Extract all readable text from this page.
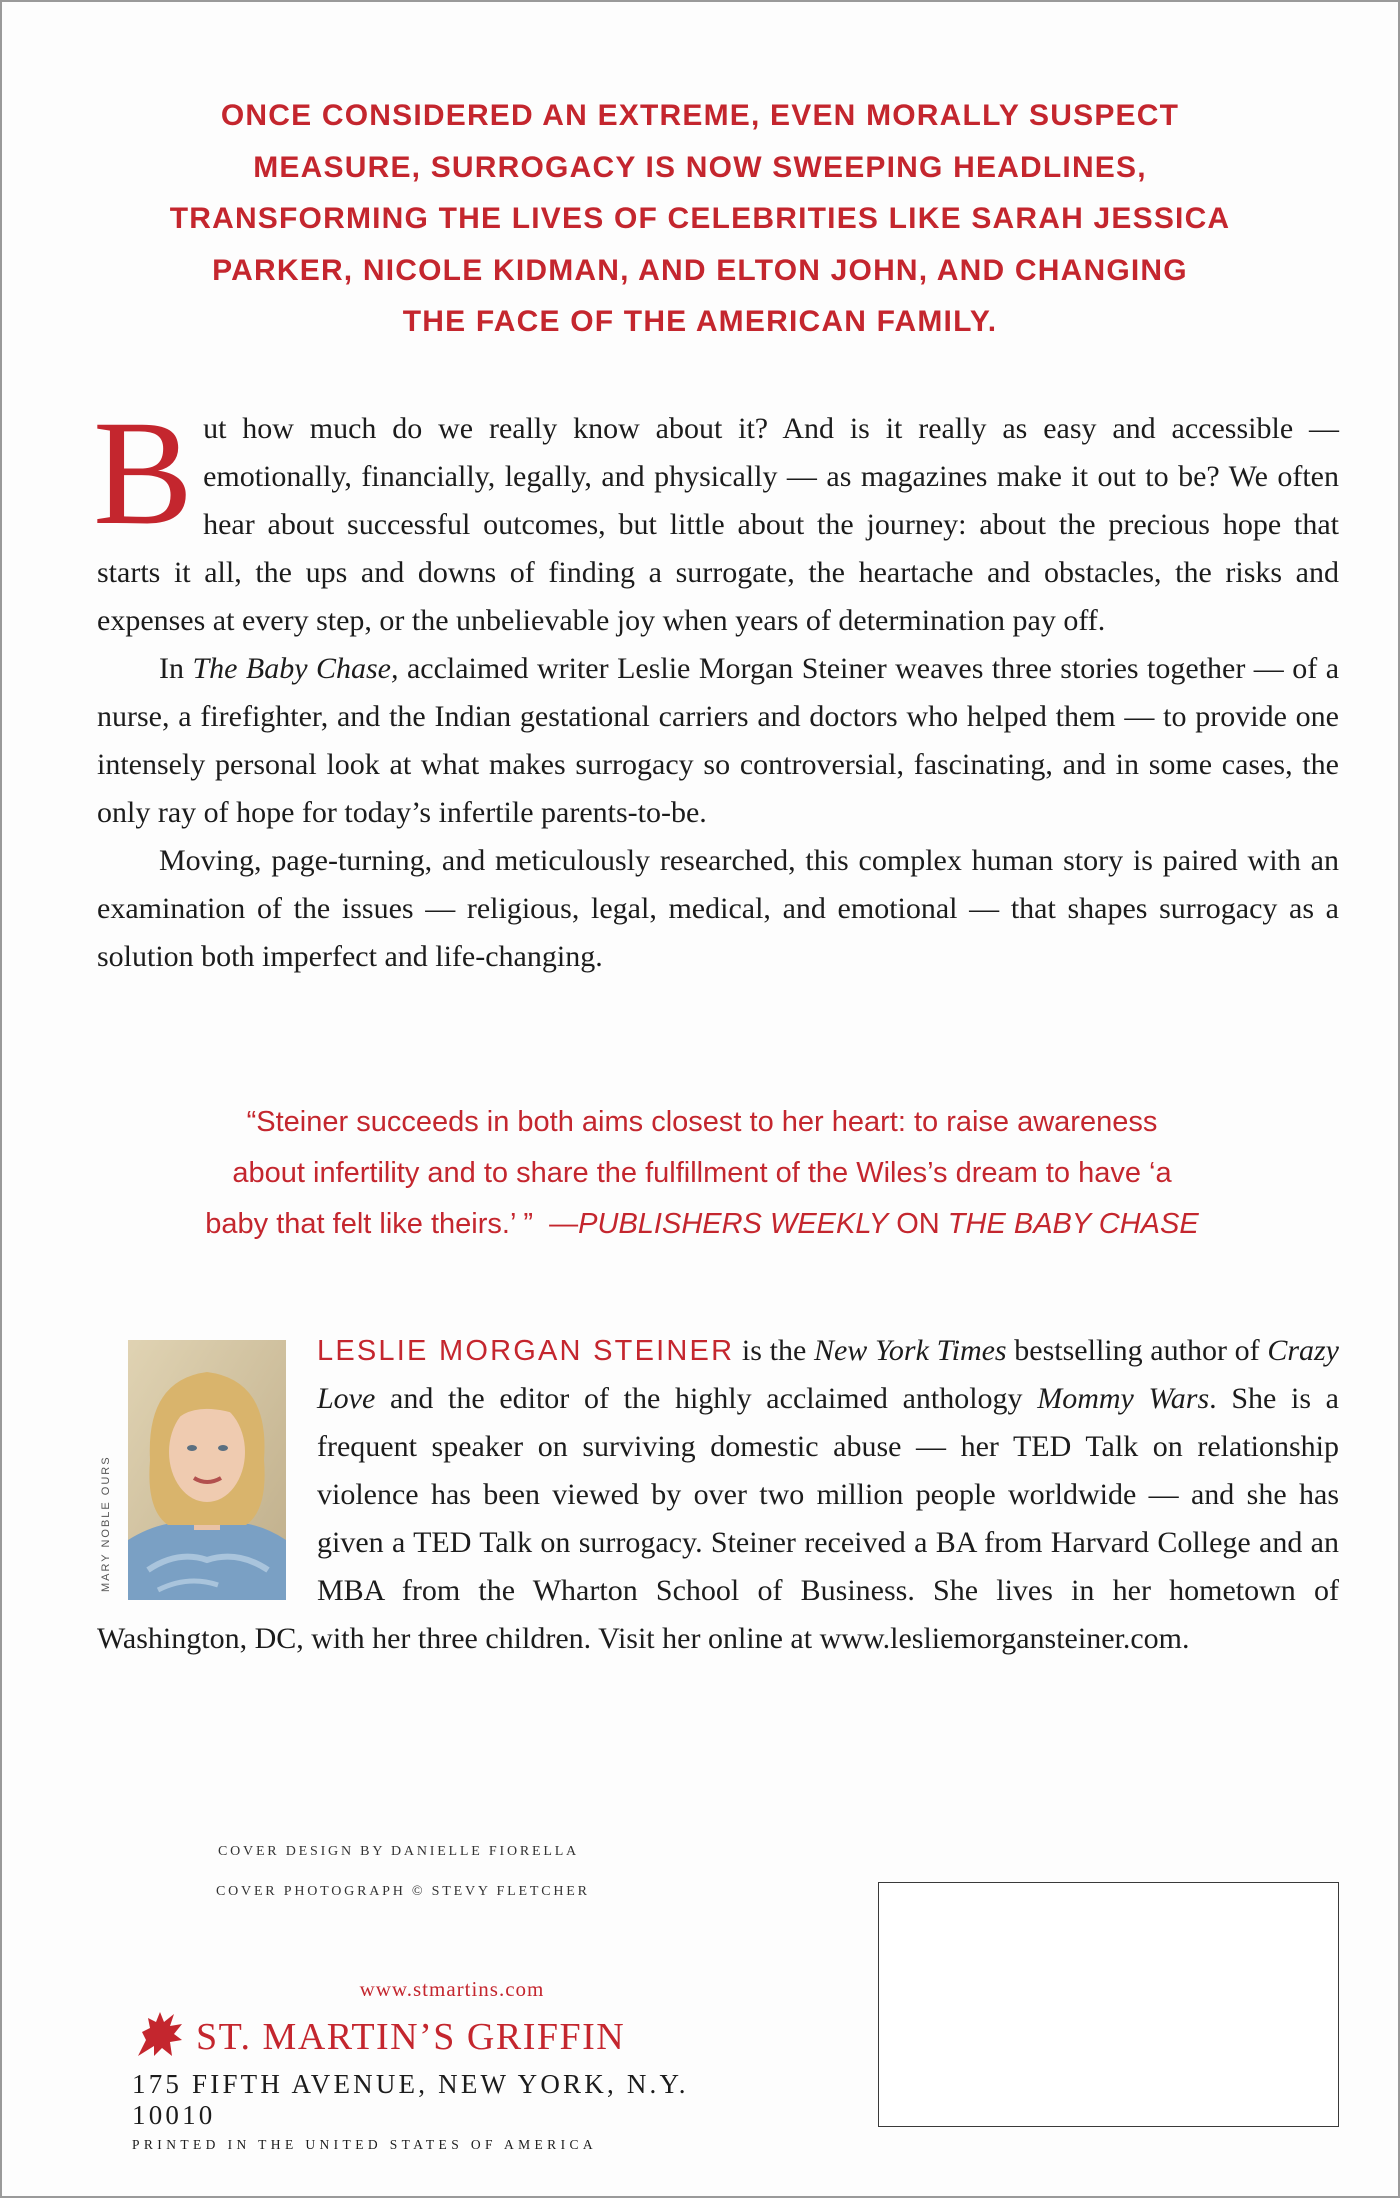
ONCE CONSIDERED AN EXTREME, EVEN MORALLY SUSPECT
MEASURE, SURROGACY IS NOW SWEEPING HEADLINES,
TRANSFORMING THE LIVES OF CELEBRITIES LIKE SARAH JESSICA
PARKER, NICOLE KIDMAN, AND ELTON JOHN, AND CHANGING
THE FACE OF THE AMERICAN FAMILY.

But how much do we really know about it? And is it really as easy and accessible — emotionally, financially, legally, and physically — as magazines make it out to be? We often hear about successful outcomes, but little about the journey: about the precious hope that starts it all, the ups and downs of finding a surrogate, the heartache and obstacles, the risks and expenses at every step, or the unbelievable joy when years of determination pay off.

In The Baby Chase, acclaimed writer Leslie Morgan Steiner weaves three stories together — of a nurse, a firefighter, and the Indian gestational carriers and doctors who helped them — to provide one intensely personal look at what makes surrogacy so controversial, fascinating, and in some cases, the only ray of hope for today’s infertile parents-to-be.

Moving, page-turning, and meticulously researched, this complex human story is paired with an examination of the issues — religious, legal, medical, and emotional — that shapes surrogacy as a solution both imperfect and life-changing.

“Steiner succeeds in both aims closest to her heart: to raise awareness
about infertility and to share the fulfillment of the Wiles’s dream to have ‘a
baby that felt like theirs.’ ” —PUBLISHERS WEEKLY ON THE BABY CHASE
MARY NOBLE OURS

LESLIE MORGAN STEINER is the New York Times bestselling author of Crazy Love and the editor of the highly acclaimed anthology Mommy Wars. She is a frequent speaker on surviving domestic abuse — her TED Talk on relationship violence has been viewed by over two million people worldwide — and she has given a TED Talk on surrogacy. Steiner received a BA from Harvard College and an MBA from the Wharton School of Business. She lives in her hometown of Washington, DC, with her three children. Visit her online at www.lesliemorgansteiner.com.

COVER DESIGN BY DANIELLE FIORELLA
COVER PHOTOGRAPH © STEVY FLETCHER
www.stmartins.com
ST. MARTIN’S GRIFFIN
175 FIFTH AVENUE, NEW YORK, N.Y. 10010
PRINTED IN THE UNITED STATES OF AMERICA
